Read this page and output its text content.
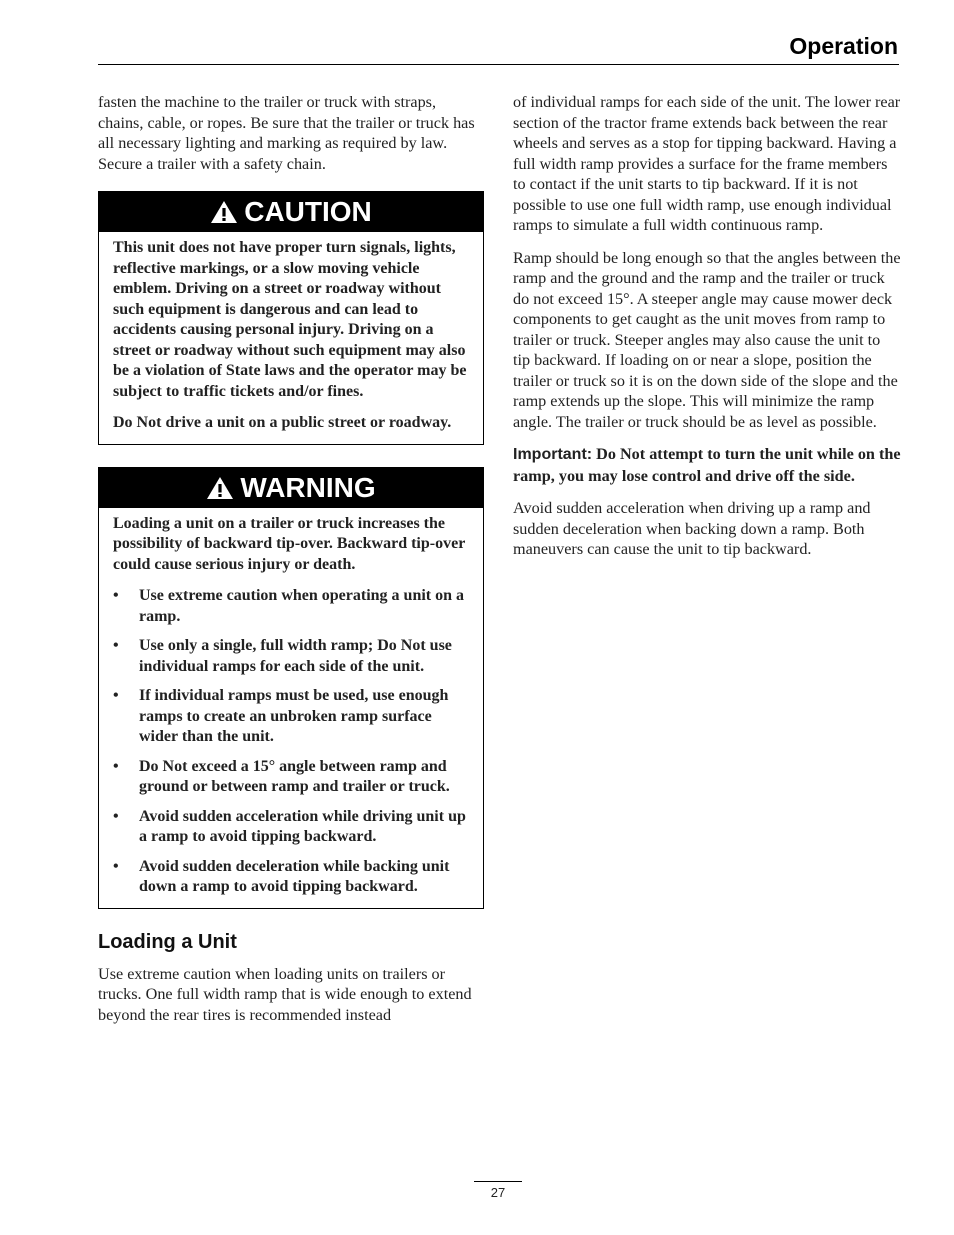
Operation

fasten the machine to the trailer or truck with straps, chains, cable, or ropes. Be sure that the trailer or truck has all necessary lighting and marking as required by law. Secure a trailer with a safety chain.

CAUTION

This unit does not have proper turn signals, lights, reflective markings, or a slow moving vehicle emblem. Driving on a street or roadway without such equipment is dangerous and can lead to accidents causing personal injury. Driving on a street or roadway without such equipment may also be a violation of State laws and the operator may be subject to traffic tickets and/or fines.

Do Not drive a unit on a public street or roadway.

WARNING

Loading a unit on a trailer or truck increases the possibility of backward tip-over. Backward tip-over could cause serious injury or death.

• Use extreme caution when operating a unit on a ramp.
• Use only a single, full width ramp; Do Not use individual ramps for each side of the unit.
• If individual ramps must be used, use enough ramps to create an unbroken ramp surface wider than the unit.
• Do Not exceed a 15° angle between ramp and ground or between ramp and trailer or truck.
• Avoid sudden acceleration while driving unit up a ramp to avoid tipping backward.
• Avoid sudden deceleration while backing unit down a ramp to avoid tipping backward.
Loading a Unit

Use extreme caution when loading units on trailers or trucks. One full width ramp that is wide enough to extend beyond the rear tires is recommended instead

of individual ramps for each side of the unit. The lower rear section of the tractor frame extends back between the rear wheels and serves as a stop for tipping backward. Having a full width ramp provides a surface for the frame members to contact if the unit starts to tip backward. If it is not possible to use one full width ramp, use enough individual ramps to simulate a full width continuous ramp.

Ramp should be long enough so that the angles between the ramp and the ground and the ramp and the trailer or truck do not exceed 15°. A steeper angle may cause mower deck components to get caught as the unit moves from ramp to trailer or truck. Steeper angles may also cause the unit to tip backward. If loading on or near a slope, position the trailer or truck so it is on the down side of the slope and the ramp extends up the slope. This will minimize the ramp angle. The trailer or truck should be as level as possible.

Important: Do Not attempt to turn the unit while on the ramp, you may lose control and drive off the side.

Avoid sudden acceleration when driving up a ramp and sudden deceleration when backing down a ramp. Both maneuvers can cause the unit to tip backward.

27
